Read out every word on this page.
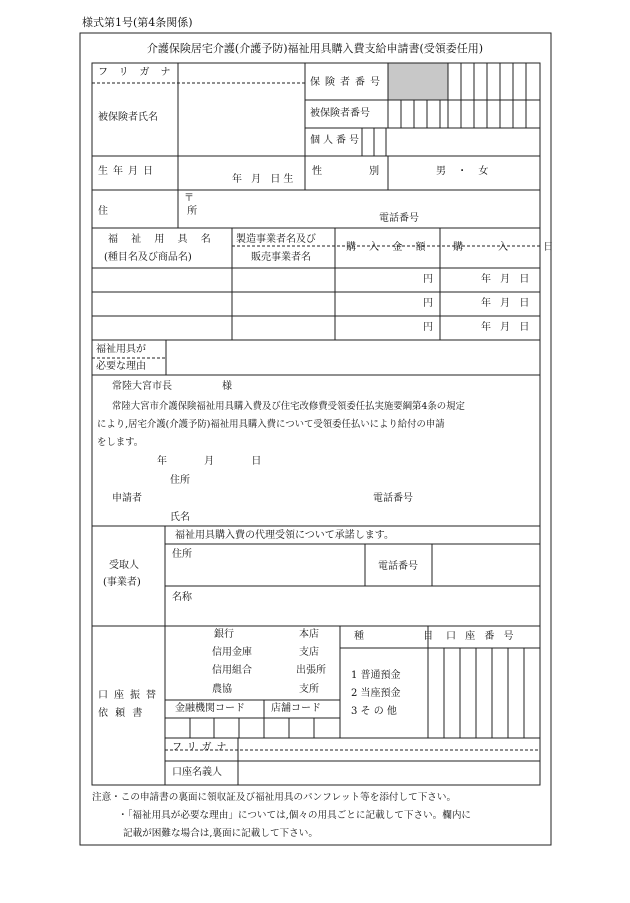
様式第1号(第4条関係)
介護保険居宅介護(介護予防)福祉用具購入費支給申請書(受領委任用)
フリガナ
被保険者氏名
保険者番号
被保険者番号
個人番号
生年月日
年 月 日生
性 別	男 ・ 女
住 所
〒
電話番号
福 祉 用 具 名
(種目名及び商品名)
製造事業者名及び
販売事業者名
購 入 金 額 購 入 日
円	年 月 日
円	年 月 日
円	年 月 日
福祉用具が
必要な理由
常陸大宮市長	様
常陸大宮市介護保険福祉用具購入費及び住宅改修費受領委任払実施要綱第4条の規定
により,居宅介護(介護予防)福祉用具購入費について受領委任払いにより給付の申請
をします。
年 月 日
住所
申請者	電話番号
氏名
福祉用具購入費の代理受領について承諾します。
受取人
(事業者)
住所
電話番号
名称
口座振替
依 頼 書
銀行
信用金庫
信用組合
農協
本店
支店
出張所
支所
金融機関コード	店舗コード
種 目
1 普通預金
2 当座預金
3 そ の 他
口 座 番 号
フリガナ
口座名義人
注意・この申請書の裏面に領収証及び福祉用具のパンフレット等を添付して下さい。
・「福祉用具が必要な理由」については,個々の用具ごとに記載して下さい。欄内に
記載が困難な場合は,裏面に記載して下さい。
